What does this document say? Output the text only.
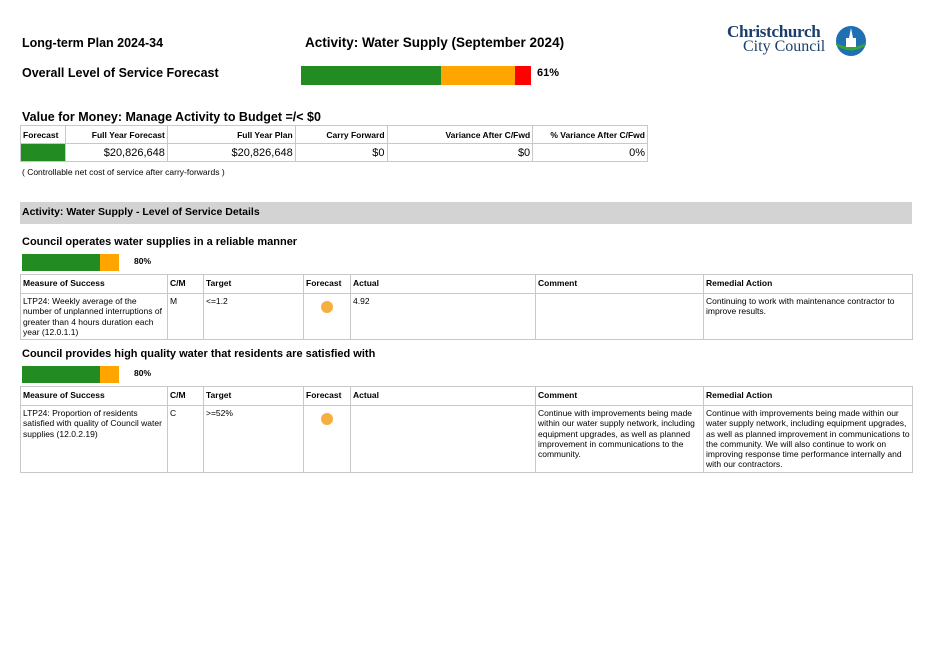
Long-term Plan 2024-34	Activity: Water Supply (September 2024)
Christchurch
City Council
Overall Level of Service Forecast	61%
Value for Money: Manage Activity to Budget =/< $0
Forecast	Full Year Forecast	Full Year Plan	Carry Forward	Variance After C/Fwd	% Variance After C/Fwd
	$20,826,648	$20,826,648	$0	$0	0%
( Controllable net cost of service after carry-forwards )
Activity: Water Supply - Level of Service Details
Council operates water supplies in a reliable manner
80%
Measure of Success	C/M	Target	Forecast	Actual	Comment	Remedial Action
LTP24: Weekly average of the number of unplanned interruptions of greater than 4 hours duration each year (12.0.1.1)	M	<=1.2		4.92		Continuing to work with maintenance contractor to improve results.
Council provides high quality water that residents are satisfied with
80%
Measure of Success	C/M	Target	Forecast	Actual	Comment	Remedial Action
LTP24: Proportion of residents satisfied with quality of Council water supplies (12.0.2.19)	C	>=52%			Continue with improvements being made within our water supply network, including equipment upgrades, as well as planned improvement in communications to the community.	Continue with improvements being made within our water supply network, including equipment upgrades, as well as planned improvement in communications to the community. We will also continue to work on improving response time performance internally and with our contractors.
